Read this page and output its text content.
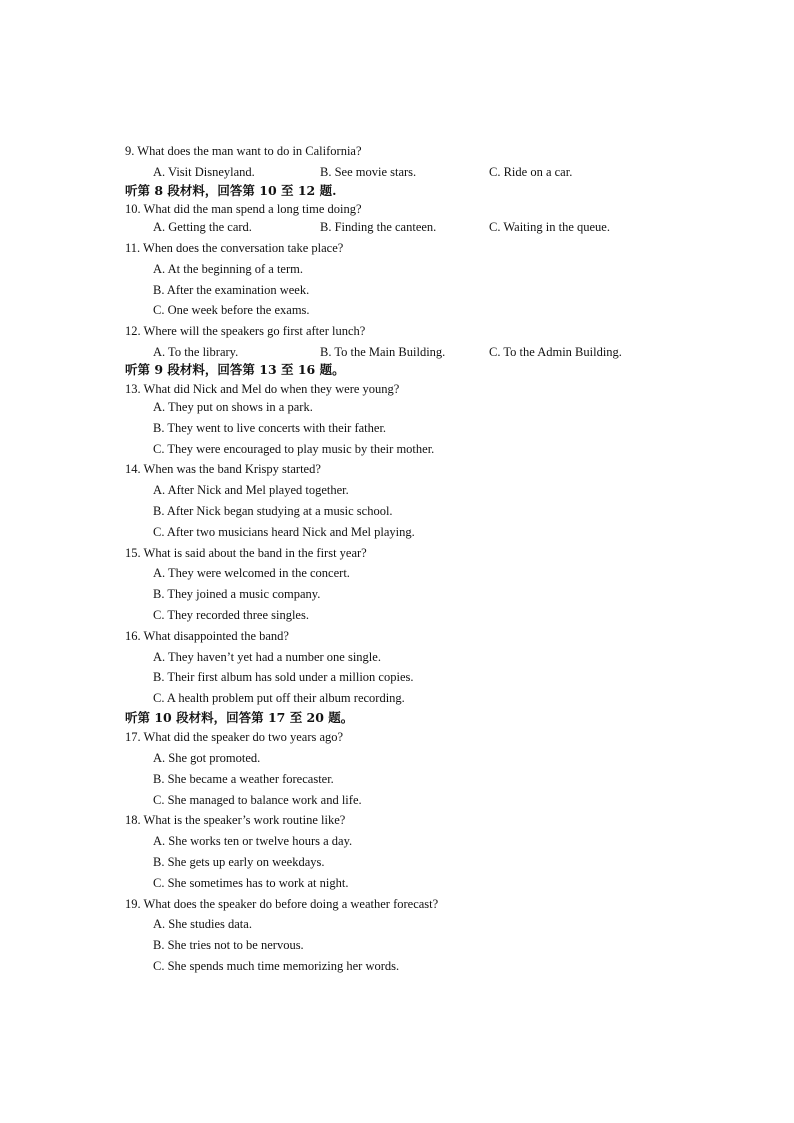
9. What does the man want to do in California?
A. Visit Disneyland.	B. See movie stars.	C. Ride on a car.
听第 8 段材料，回答第 10 至 12 题.
10. What did the man spend a long time doing?
A. Getting the card.	B. Finding the canteen.	C. Waiting in the queue.
11. When does the conversation take place?
A. At the beginning of a term.
B. After the examination week.
C. One week before the exams.
12. Where will the speakers go first after lunch?
A. To the library.	B. To the Main Building.	C. To the Admin Building.
听第 9 段材料，回答第 13 至 16 题。
13. What did Nick and Mel do when they were young?
A. They put on shows in a park.
B. They went to live concerts with their father.
C. They were encouraged to play music by their mother.
14. When was the band Krispy started?
A. After Nick and Mel played together.
B. After Nick began studying at a music school.
C. After two musicians heard Nick and Mel playing.
15. What is said about the band in the first year?
A. They were welcomed in the concert.
B. They joined a music company.
C. They recorded three singles.
16. What disappointed the band?
A. They haven’t yet had a number one single.
B. Their first album has sold under a million copies.
C. A health problem put off their album recording.
听第 10 段材料，回答第 17 至 20 题。
17. What did the speaker do two years ago?
A. She got promoted.
B. She became a weather forecaster.
C. She managed to balance work and life.
18. What is the speaker’s work routine like?
A. She works ten or twelve hours a day.
B. She gets up early on weekdays.
C. She sometimes has to work at night.
19. What does the speaker do before doing a weather forecast?
A. She studies data.
B. She tries not to be nervous.
C. She spends much time memorizing her words.
